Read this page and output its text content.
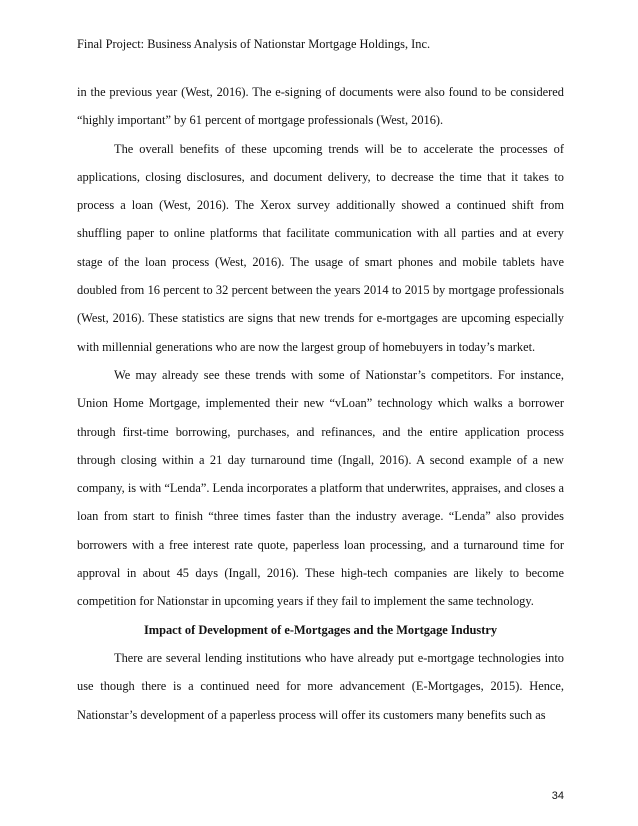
Final Project: Business Analysis of Nationstar Mortgage Holdings, Inc.

in the previous year (West, 2016). The e-signing of documents were also found to be considered “highly important” by 61 percent of mortgage professionals (West, 2016).

The overall benefits of these upcoming trends will be to accelerate the processes of applications, closing disclosures, and document delivery, to decrease the time that it takes to process a loan (West, 2016). The Xerox survey additionally showed a continued shift from shuffling paper to online platforms that facilitate communication with all parties and at every stage of the loan process (West, 2016). The usage of smart phones and mobile tablets have doubled from 16 percent to 32 percent between the years 2014 to 2015 by mortgage professionals (West, 2016). These statistics are signs that new trends for e-mortgages are upcoming especially with millennial generations who are now the largest group of homebuyers in today’s market.

We may already see these trends with some of Nationstar’s competitors. For instance, Union Home Mortgage, implemented their new “vLoan” technology which walks a borrower through first-time borrowing, purchases, and refinances, and the entire application process through closing within a 21 day turnaround time (Ingall, 2016). A second example of a new company, is with “Lenda”. Lenda incorporates a platform that underwrites, appraises, and closes a loan from start to finish “three times faster than the industry average. “Lenda” also provides borrowers with a free interest rate quote, paperless loan processing, and a turnaround time for approval in about 45 days (Ingall, 2016). These high-tech companies are likely to become competition for Nationstar in upcoming years if they fail to implement the same technology.

Impact of Development of e-Mortgages and the Mortgage Industry

There are several lending institutions who have already put e-mortgage technologies into use though there is a continued need for more advancement (E-Mortgages, 2015). Hence, Nationstar’s development of a paperless process will offer its customers many benefits such as

34
